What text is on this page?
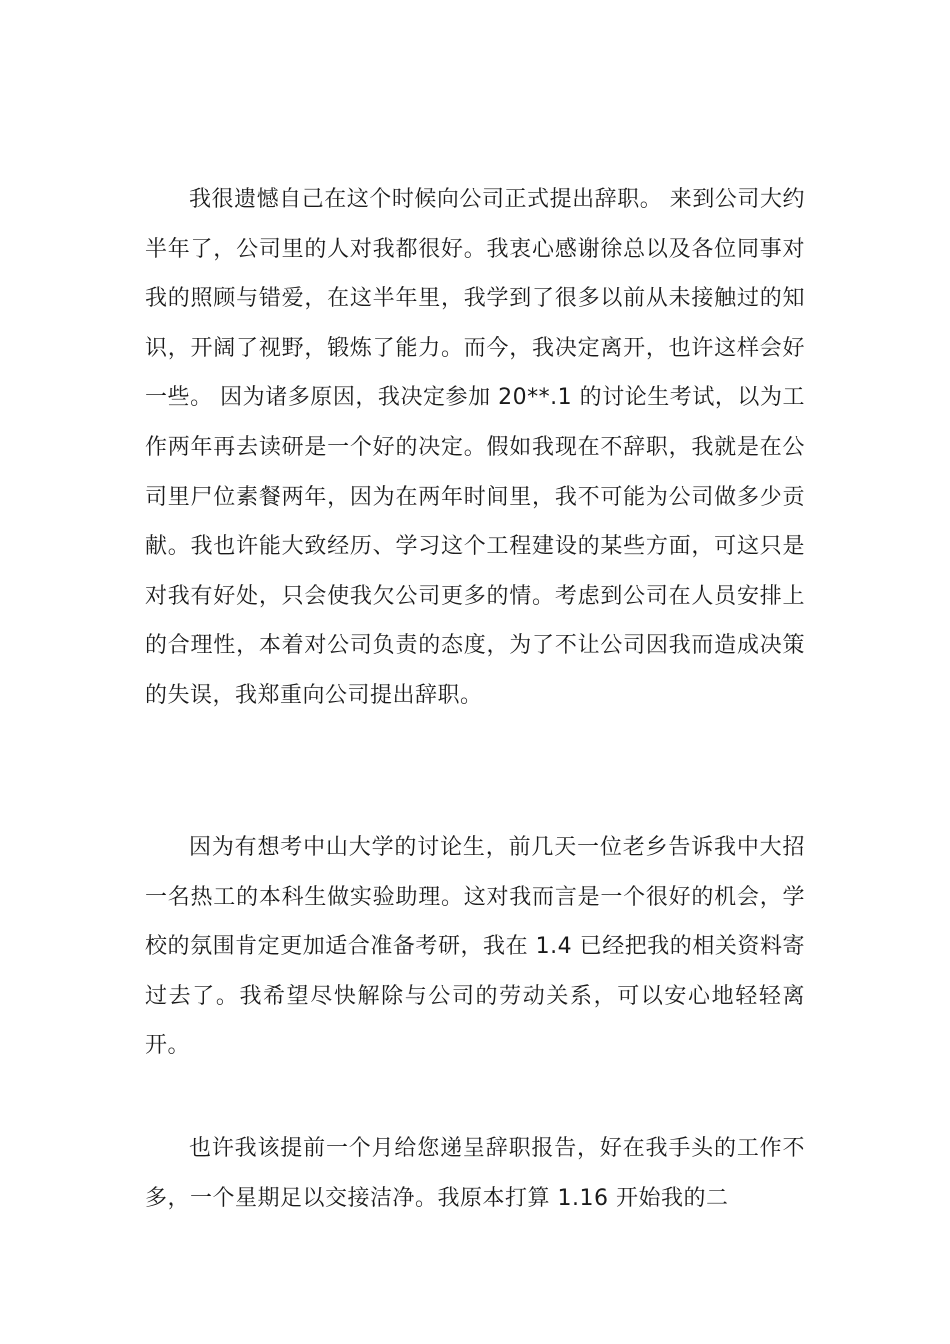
我很遗憾自己在这个时候向公司正式提出辞职。 来到公司大约半年了，公司里的人对我都很好。我衷心感谢徐总以及各位同事对我的照顾与错爱，在这半年里，我学到了很多以前从未接触过的知识，开阔了视野，锻炼了能力。而今，我决定离开，也许这样会好一些。 因为诸多原因，我决定参加 20**.1 的讨论生考试，以为工作两年再去读研是一个好的决定。假如我现在不辞职，我就是在公司里尸位素餐两年，因为在两年时间里，我不可能为公司做多少贡献。我也许能大致经历、学习这个工程建设的某些方面，可这只是对我有好处，只会使我欠公司更多的情。考虑到公司在人员安排上的合理性，本着对公司负责的态度，为了不让公司因我而造成决策的失误，我郑重向公司提出辞职。

因为有想考中山大学的讨论生，前几天一位老乡告诉我中大招一名热工的本科生做实验助理。这对我而言是一个很好的机会，学校的氛围肯定更加适合准备考研，我在 1.4 已经把我的相关资料寄过去了。我希望尽快解除与公司的劳动关系，可以安心地轻轻离开。

也许我该提前一个月给您递呈辞职报告，好在我手头的工作不多，一个星期足以交接洁净。我原本打算 1.16 开始我的二
